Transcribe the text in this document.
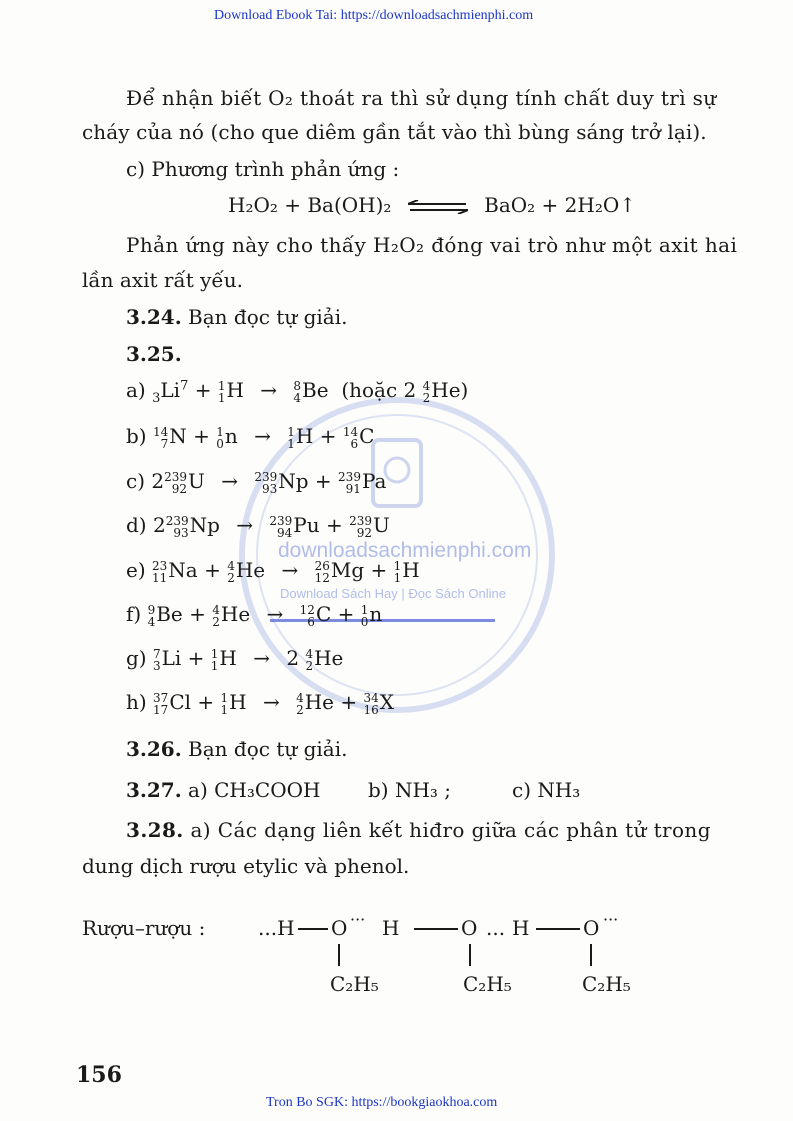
Download Ebook Tai: https://downloadsachmienphi.com
Tron Bo SGK: https://bookgiaokhoa.com
downloadsachmienphi.com
Download Sách Hay | Đọc Sách Online
Để nhận biết O₂ thoát ra thì sử dụng tính chất duy trì sự
cháy của nó (cho que diêm gần tắt vào thì bùng sáng trở lại).
c) Phương trình phản ứng :
H₂O₂ + Ba(OH)₂ ⇌ BaO₂ + 2H₂O↑
Phản ứng này cho thấy H₂O₂ đóng vai trò như một axit hai
lần axit rất yếu.
3.24. Bạn đọc tự giải.
3.25.
a) $_3Li^7 + 1$
1 H → 8
4 Be (hoặc 2 4
2 He)
b) 14
7 N + 1
0 n → 1
1 H + 14
6 C
c) 2 239
92 U → 239
93 Np + 239
91 Pa
d) 2 239
93 Np → 239
94 Pu + 239
92 U
e) 23
11 Na + 4
2 He → 26
12 Mg + 1
1 H
f) 9
4 Be + 4
2 He → 12
6 C + 1
0 n
g) 7
3 Li + 1
1 H → 2 4
2 He
h) 37
17 Cl + 1
1 H → 4
2 He + 34
16 X
3.26. Bạn đọc tự giải.
3.27. a) CH₃COOH b) NH₃ ;	c) NH₃
3.28. a) Các dạng liên kết hiđro giữa các phân tử trong
dung dịch rượu etylic và phenol.
Rượu–rượu :	...H O ··· H	O ... H	O ···
C₂H₅	C₂H₅	C₂H₅
156
